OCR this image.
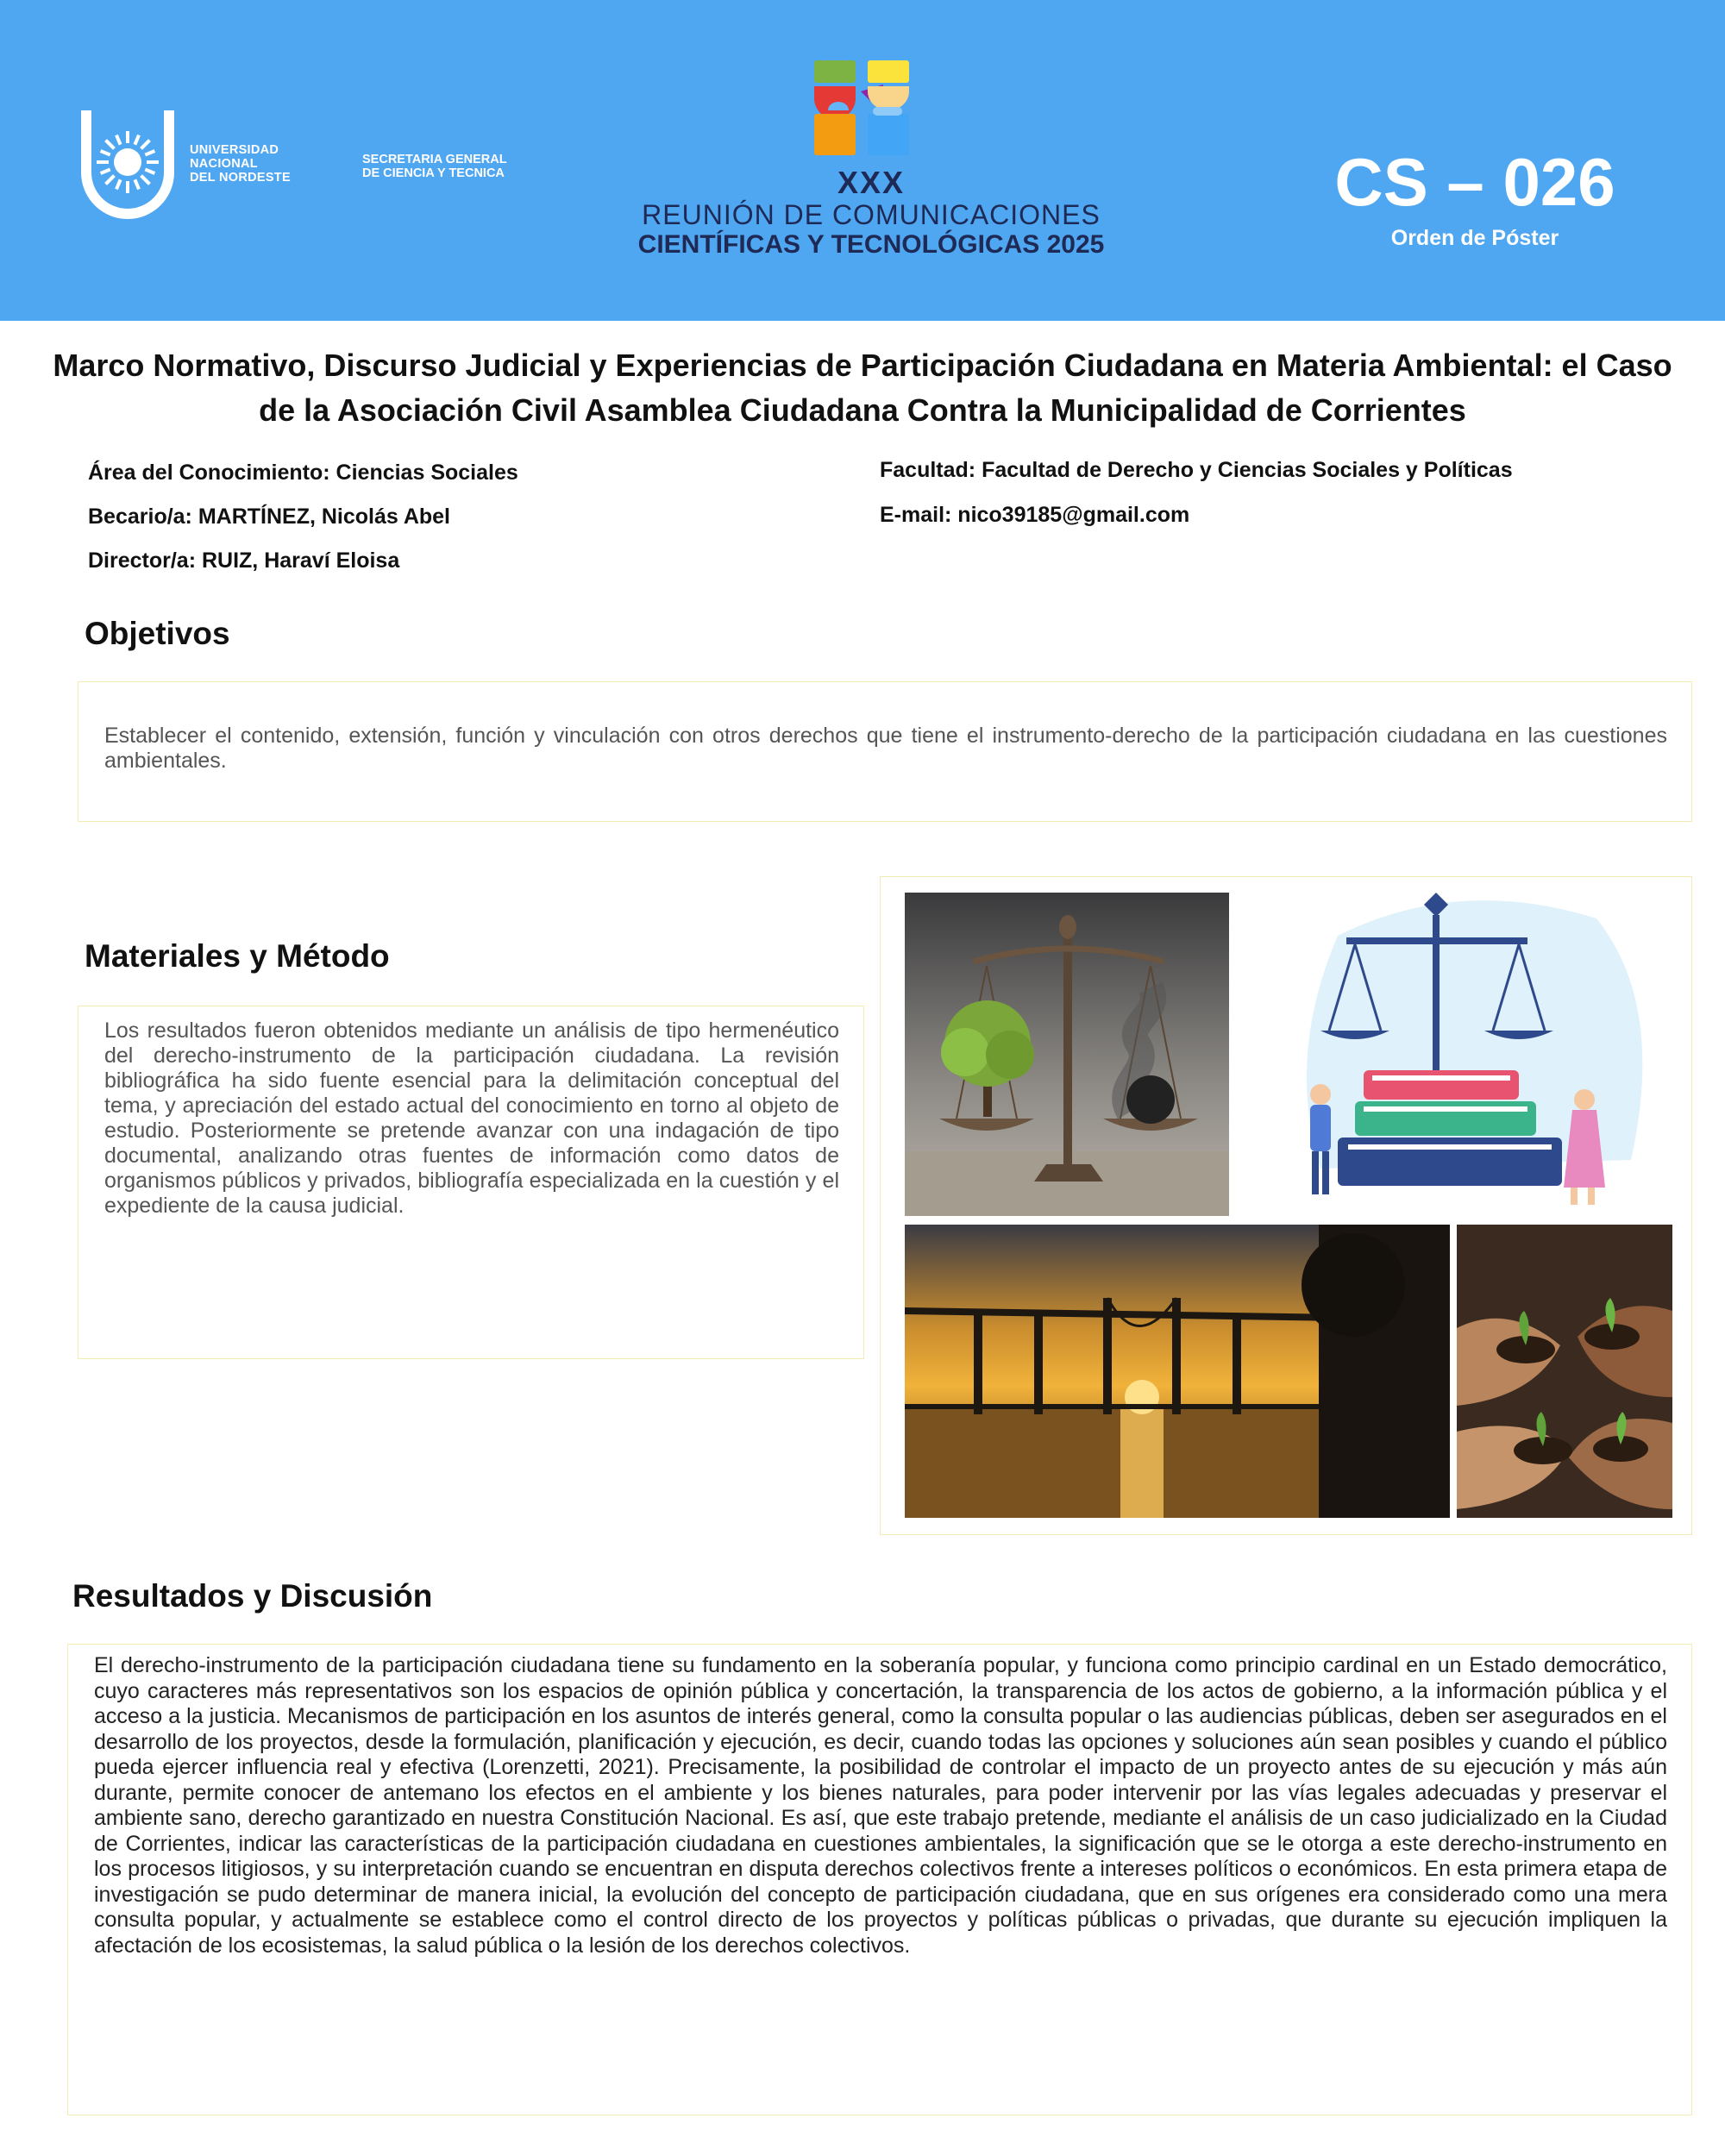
UNIVERSIDAD
NACIONAL
DEL NORDESTE
SECRETARIA GENERAL
DE CIENCIA Y TECNICA	XXX
REUNIÓN DE COMUNICACIONES
CIENTÍFICAS Y TECNOLÓGICAS 2025
CS – 026
Orden de Póster
Marco Normativo, Discurso Judicial y Experiencias de Participación Ciudadana en Materia Ambiental: el Caso de la Asociación Civil Asamblea Ciudadana Contra la Municipalidad de Corrientes
Área del Conocimiento: Ciencias Sociales
Becario/a: MARTÍNEZ, Nicolás Abel
Director/a: RUIZ, Haraví Eloisa
Facultad: Facultad de Derecho y Ciencias Sociales y Políticas
E-mail: nico39185@gmail.com
Objetivos
Establecer el contenido, extensión, función y vinculación con otros derechos que tiene el instrumento-derecho de la participación ciudadana en las cuestiones ambientales.
Materiales y Método
Los resultados fueron obtenidos mediante un análisis de tipo hermenéutico del derecho-instrumento de la participación ciudadana. La revisión bibliográfica ha sido fuente esencial para la delimitación conceptual del tema, y apreciación del estado actual del conocimiento en torno al objeto de estudio. Posteriormente se pretende avanzar con una indagación de tipo documental, analizando otras fuentes de información como datos de organismos públicos y privados, bibliografía especializada en la cuestión y el expediente de la causa judicial.
Resultados y Discusión
El derecho-instrumento de la participación ciudadana tiene su fundamento en la soberanía popular, y funciona como principio cardinal en un Estado democrático, cuyo caracteres más representativos son los espacios de opinión pública y concertación, la transparencia de los actos de gobierno, a la información pública y el acceso a la justicia. Mecanismos de participación en los asuntos de interés general, como la consulta popular o las audiencias públicas, deben ser asegurados en el desarrollo de los proyectos, desde la formulación, planificación y ejecución, es decir, cuando todas las opciones y soluciones aún sean posibles y cuando el público pueda ejercer influencia real y efectiva (Lorenzetti, 2021). Precisamente, la posibilidad de controlar el impacto de un proyecto antes de su ejecución y más aún durante, permite conocer de antemano los efectos en el ambiente y los bienes naturales, para poder intervenir por las vías legales adecuadas y preservar el ambiente sano, derecho garantizado en nuestra Constitución Nacional. Es así, que este trabajo pretende, mediante el análisis de un caso judicializado en la Ciudad de Corrientes, indicar las características de la participación ciudadana en cuestiones ambientales, la significación que se le otorga a este derecho-instrumento en los procesos litigiosos, y su interpretación cuando se encuentran en disputa derechos colectivos frente a intereses políticos o económicos. En esta primera etapa de investigación se pudo determinar de manera inicial, la evolución del concepto de participación ciudadana, que en sus orígenes era considerado como una mera consulta popular, y actualmente se establece como el control directo de los proyectos y políticas públicas o privadas, que durante su ejecución impliquen la afectación de los ecosistemas, la salud pública o la lesión de los derechos colectivos.
